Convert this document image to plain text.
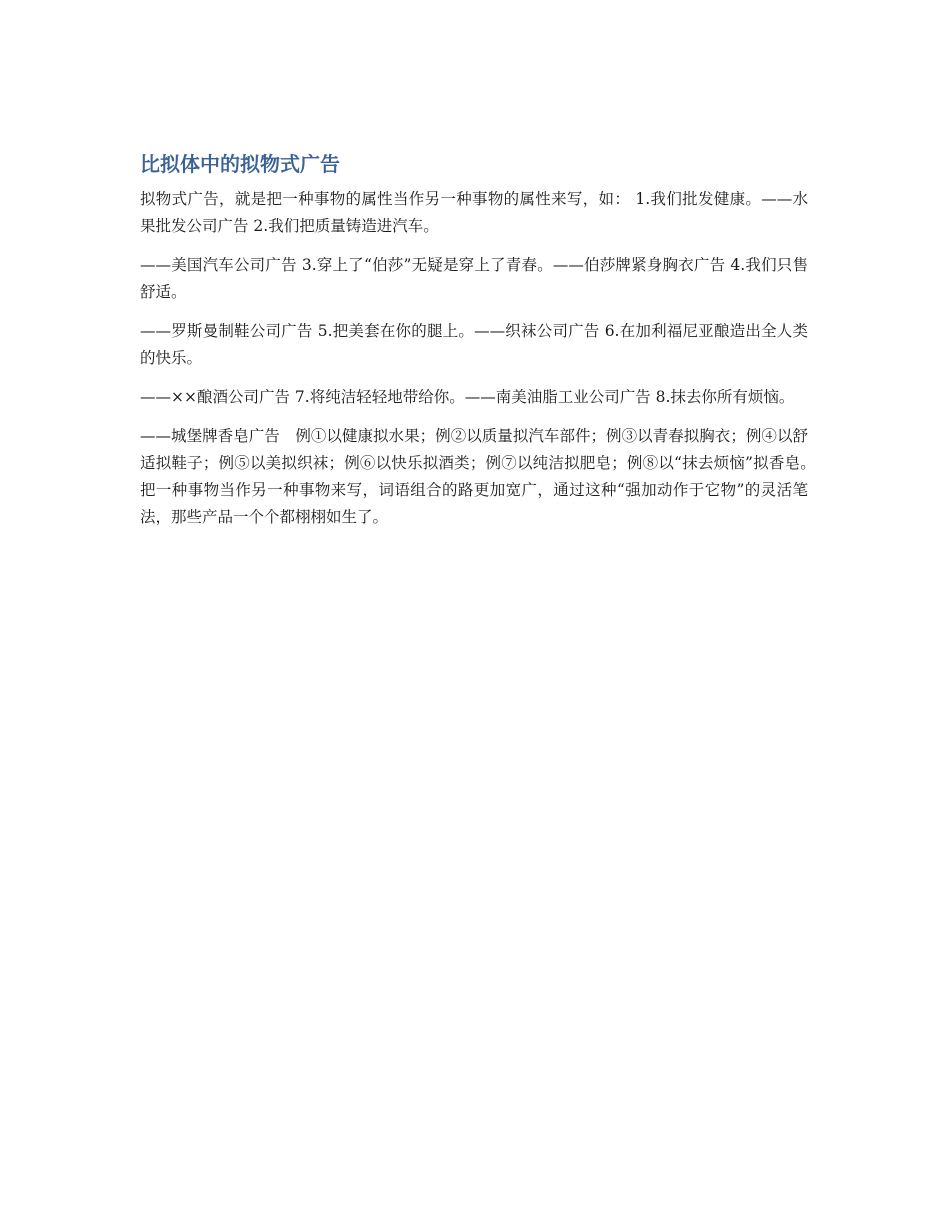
比拟体中的拟物式广告

拟物式广告，就是把一种事物的属性当作另一种事物的属性来写，如： 1.我们批发健康。——水果批发公司广告 2.我们把质量铸造进汽车。

——美国汽车公司广告 3.穿上了“伯莎”无疑是穿上了青春。——伯莎牌紧身胸衣广告 4.我们只售舒适。

——罗斯曼制鞋公司广告 5.把美套在你的腿上。——织袜公司广告 6.在加利福尼亚酿造出全人类的快乐。

——××酿酒公司广告 7.将纯洁轻轻地带给你。——南美油脂工业公司广告 8.抹去你所有烦恼。

——城堡牌香皂广告　例①以健康拟水果；例②以质量拟汽车部件；例③以青春拟胸衣；例④以舒适拟鞋子；例⑤以美拟织袜；例⑥以快乐拟酒类；例⑦以纯洁拟肥皂；例⑧以“抹去烦恼”拟香皂。　把一种事物当作另一种事物来写，词语组合的路更加宽广，通过这种“强加动作于它物”的灵活笔法，那些产品一个个都栩栩如生了。
